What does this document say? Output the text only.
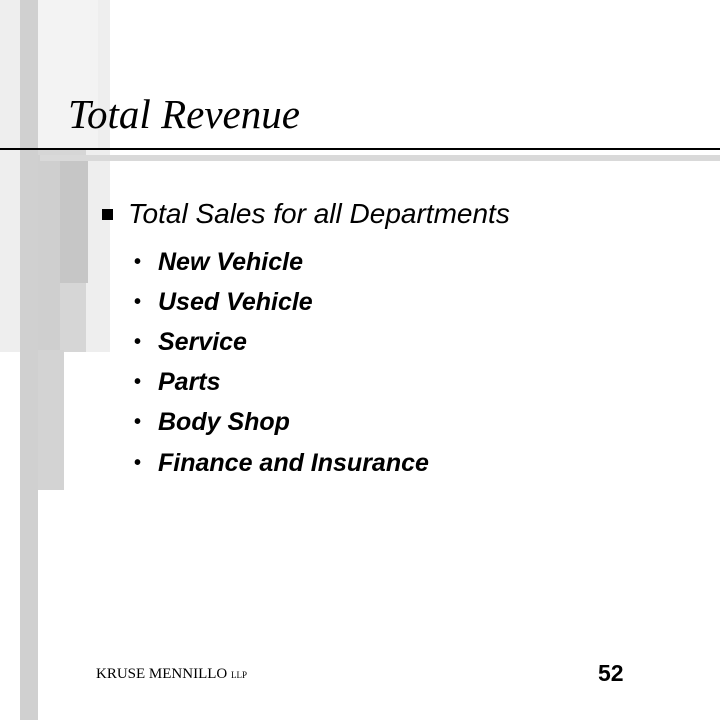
Total Revenue
Total Sales for all Departments
• New Vehicle
• Used Vehicle
• Service
• Parts
• Body Shop
• Finance and Insurance
KRUSE MENNILLO LLP	52
